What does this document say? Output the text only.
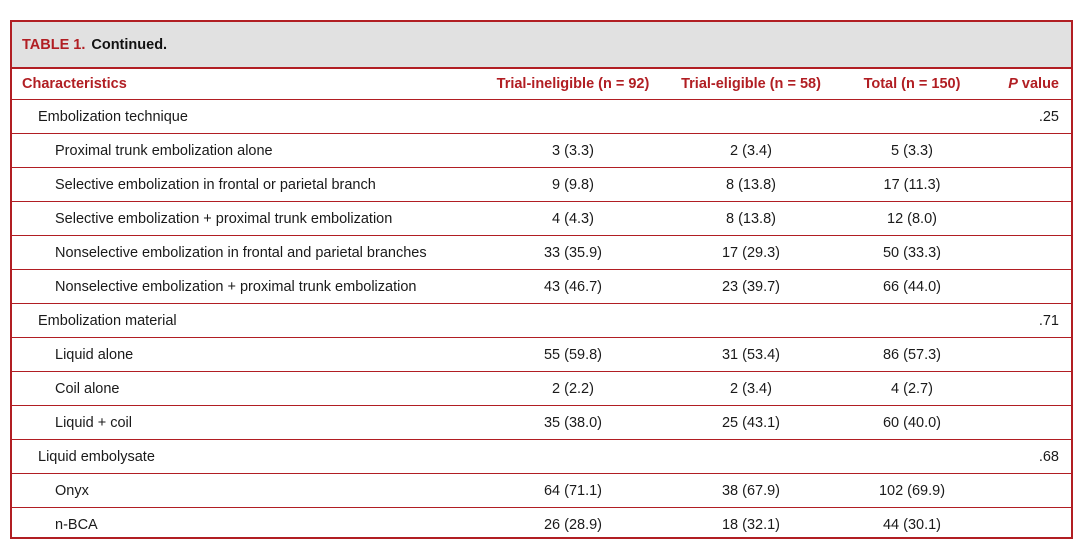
TABLE 1. Continued.
Characteristics	Trial-ineligible (n = 92)	Trial-eligible (n = 58)	Total (n = 150)	P value
Embolization technique				.25
Proximal trunk embolization alone	3 (3.3)	2 (3.4)	5 (3.3)	
Selective embolization in frontal or parietal branch	9 (9.8)	8 (13.8)	17 (11.3)	
Selective embolization + proximal trunk embolization	4 (4.3)	8 (13.8)	12 (8.0)	
Nonselective embolization in frontal and parietal branches	33 (35.9)	17 (29.3)	50 (33.3)	
Nonselective embolization + proximal trunk embolization	43 (46.7)	23 (39.7)	66 (44.0)	
Embolization material				.71
Liquid alone	55 (59.8)	31 (53.4)	86 (57.3)	
Coil alone	2 (2.2)	2 (3.4)	4 (2.7)	
Liquid + coil	35 (38.0)	25 (43.1)	60 (40.0)	
Liquid embolysate				.68
Onyx	64 (71.1)	38 (67.9)	102 (69.9)	
n-BCA	26 (28.9)	18 (32.1)	44 (30.1)	
